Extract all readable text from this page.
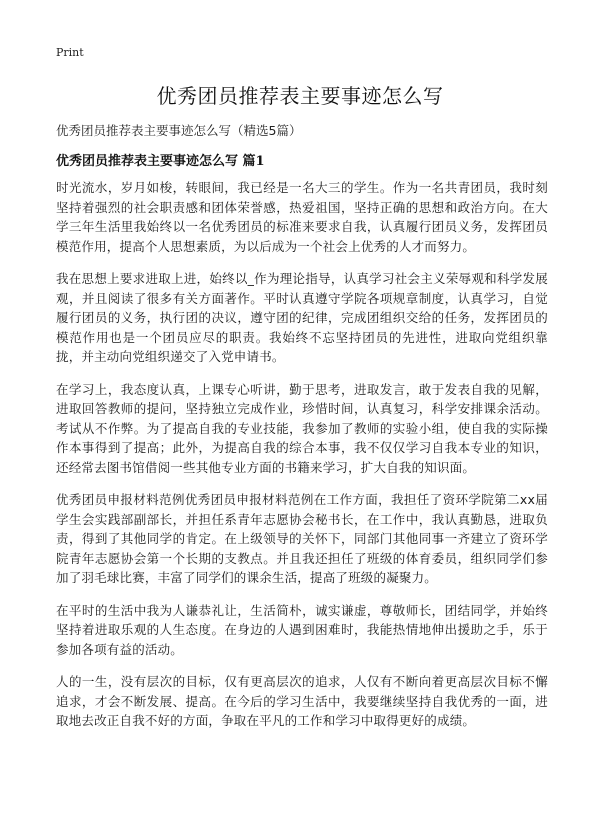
Print
优秀团员推荐表主要事迹怎么写

优秀团员推荐表主要事迹怎么写（精选5篇）

优秀团员推荐表主要事迹怎么写 篇1

时光流水，岁月如梭，转眼间，我已经是一名大三的学生。作为一名共青团员，我时刻坚持着强烈的社会职责感和团体荣誉感，热爱祖国，坚持正确的思想和政治方向。在大学三年生活里我始终以一名优秀团员的标准来要求自我，认真履行团员义务，发挥团员模范作用，提高个人思想素质，为以后成为一个社会上优秀的人才而努力。

我在思想上要求进取上进，始终以_作为理论指导，认真学习社会主义荣辱观和科学发展观，并且阅读了很多有关方面著作。平时认真遵守学院各项规章制度，认真学习，自觉履行团员的义务，执行团的决议，遵守团的纪律，完成团组织交给的任务，发挥团员的模范作用也是一个团员应尽的职责。我始终不忘坚持团员的先进性，进取向党组织靠拢，并主动向党组织递交了入党申请书。

在学习上，我态度认真，上课专心听讲，勤于思考，进取发言，敢于发表自我的见解，进取回答教师的提问，坚持独立完成作业，珍惜时间，认真复习，科学安排课余活动。考试从不作弊。为了提高自我的专业技能，我参加了教师的实验小组，使自我的实际操作本事得到了提高；此外，为提高自我的综合本事，我不仅仅学习自我本专业的知识，还经常去图书馆借阅一些其他专业方面的书籍来学习，扩大自我的知识面。

优秀团员申报材料范例优秀团员申报材料范例在工作方面，我担任了资环学院第二xx届学生会实践部副部长，并担任系青年志愿协会秘书长，在工作中，我认真勤恳，进取负责，得到了其他同学的肯定。在上级领导的关怀下，同部门其他同事一齐建立了资环学院青年志愿协会第一个长期的支教点。并且我还担任了班级的体育委员，组织同学们参加了羽毛球比赛，丰富了同学们的课余生活，提高了班级的凝聚力。

在平时的生活中我为人谦恭礼让，生活简朴，诚实谦虚，尊敬师长，团结同学，并始终坚持着进取乐观的人生态度。在身边的人遇到困难时，我能热情地伸出援助之手，乐于参加各项有益的活动。

人的一生，没有层次的目标，仅有更高层次的追求，人仅有不断向着更高层次目标不懈追求，才会不断发展、提高。在今后的学习生活中，我要继续坚持自我优秀的一面，进取地去改正自我不好的方面，争取在平凡的工作和学习中取得更好的成绩。
